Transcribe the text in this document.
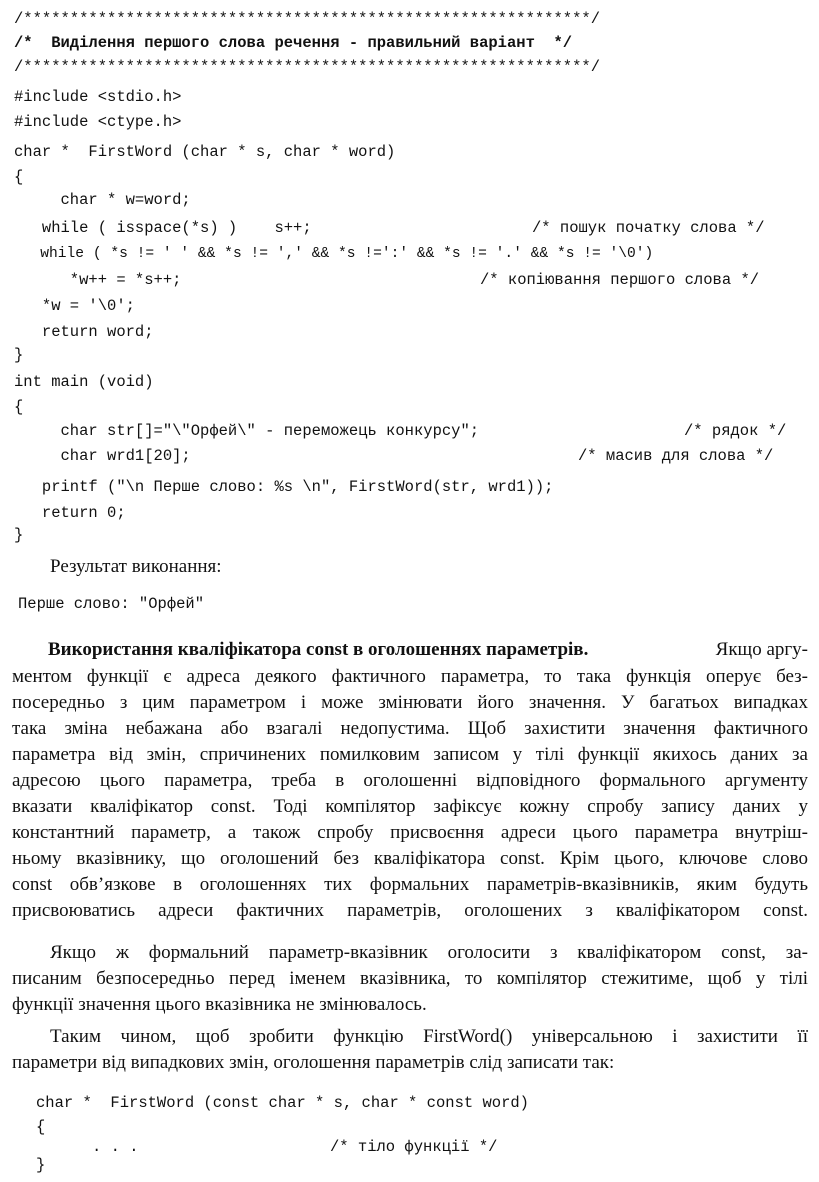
/*************************************************************/
/*  Виділення першого слова речення - правильний варіант  */
/*************************************************************/
#include <stdio.h>
#include <ctype.h>
char *  FirstWord (char * s, char * word)
{
char * w=word;
while ( isspace(*s) )    s++;	/* пошук початку слова */
while ( *s != ' ' && *s != ',' && *s !=':' && *s != '.' && *s != '\0')
*w++ = *s++;	/* копіювання першого слова */
*w = '\0';
return word;
}
int main (void)
{
char str[]="\"Орфей\" - переможець конкурсу";	/* рядок */
char wrd1[20];	/* масив для слова */
printf ("\n Перше слово: %s \n", FirstWord(str, wrd1));
return 0;
}
Результат виконання:
Перше слово: "Орфей"
Використання кваліфікатора const в оголошеннях параметрів.	Якщо аргу-
ментом функції є адреса деякого фактичного параметра, то така функція оперує без-
посередньо з цим параметром і може змінювати його значення. У багатьох випадках
така зміна небажана або взагалі недопустима. Щоб захистити значення фактичного
параметра від змін, спричинених помилковим записом у тілі функції якихось даних за
адресою цього параметра, треба в оголошенні відповідного формального аргументу
вказати кваліфікатор const. Тоді компілятор зафіксує кожну спробу запису даних у
константний параметр, а також спробу присвоєння адреси цього параметра внутріш-
ньому вказівнику, що оголошений без кваліфікатора const. Крім цього, ключове слово
const обв’язкове в оголошеннях тих формальних параметрів-вказівників, яким будуть
присвоюватись адреси фактичних параметрів, оголошених з кваліфікатором const.
Якщо ж формальний параметр-вказівник оголосити з кваліфікатором const, за-
писаним безпосередньо перед іменем вказівника, то компілятор стежитиме, щоб у тілі
функції значення цього вказівника не змінювалось.
Таким чином, щоб зробити функцію FirstWord() універсальною і захистити її
параметри від випадкових змін, оголошення параметрів слід записати так:
char *  FirstWord (const char * s, char * const word)
{
. . .	/* тіло функції */
}
